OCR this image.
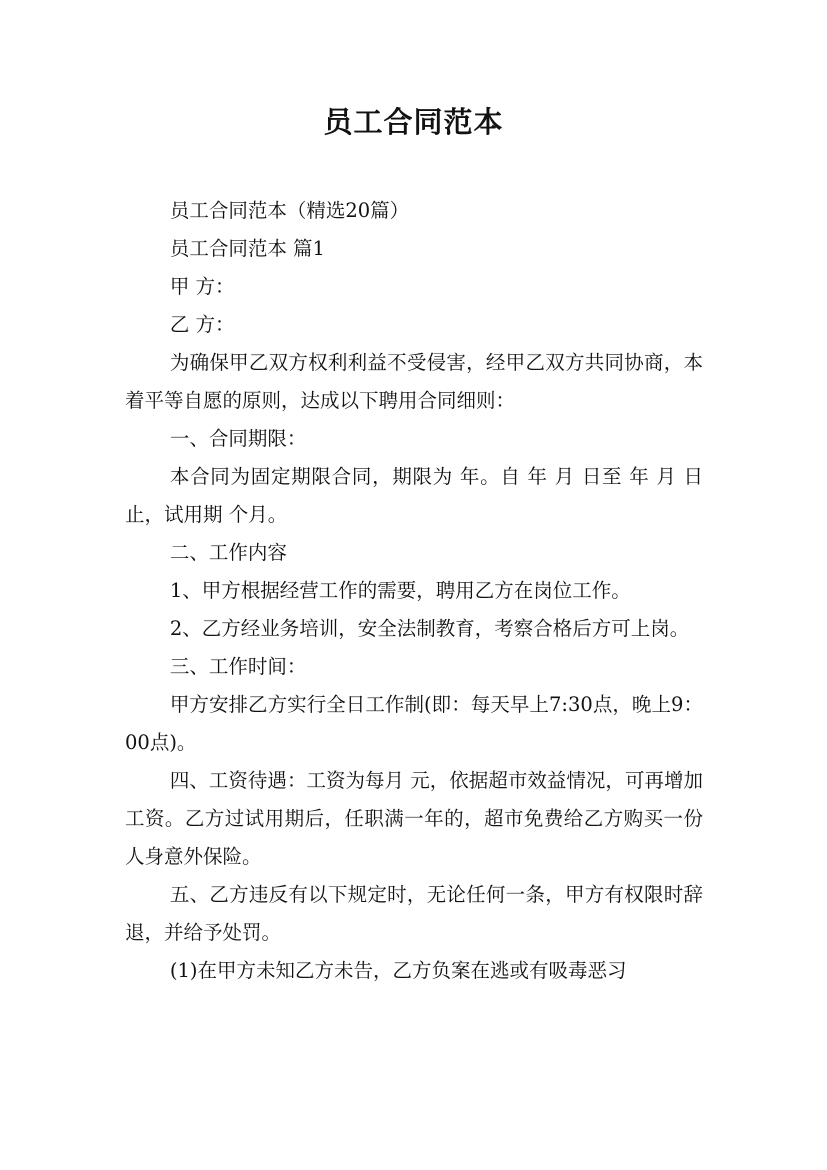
员工合同范本

员工合同范本（精选20篇）

员工合同范本 篇1

甲 方：

乙 方：

为确保甲乙双方权利利益不受侵害，经甲乙双方共同协商，本着平等自愿的原则，达成以下聘用合同细则：

一、合同期限：

本合同为固定期限合同，期限为 年。自 年 月 日至 年 月 日止，试用期 个月。

二、工作内容

1、甲方根据经营工作的需要，聘用乙方在岗位工作。

2、乙方经业务培训，安全法制教育，考察合格后方可上岗。

三、工作时间：

甲方安排乙方实行全日工作制(即：每天早上7:30点，晚上9：00点)。

四、工资待遇：工资为每月 元，依据超市效益情况，可再增加工资。乙方过试用期后，任职满一年的，超市免费给乙方购买一份人身意外保险。

五、乙方违反有以下规定时，无论任何一条，甲方有权限时辞退，并给予处罚。

(1)在甲方未知乙方未告，乙方负案在逃或有吸毒恶习
